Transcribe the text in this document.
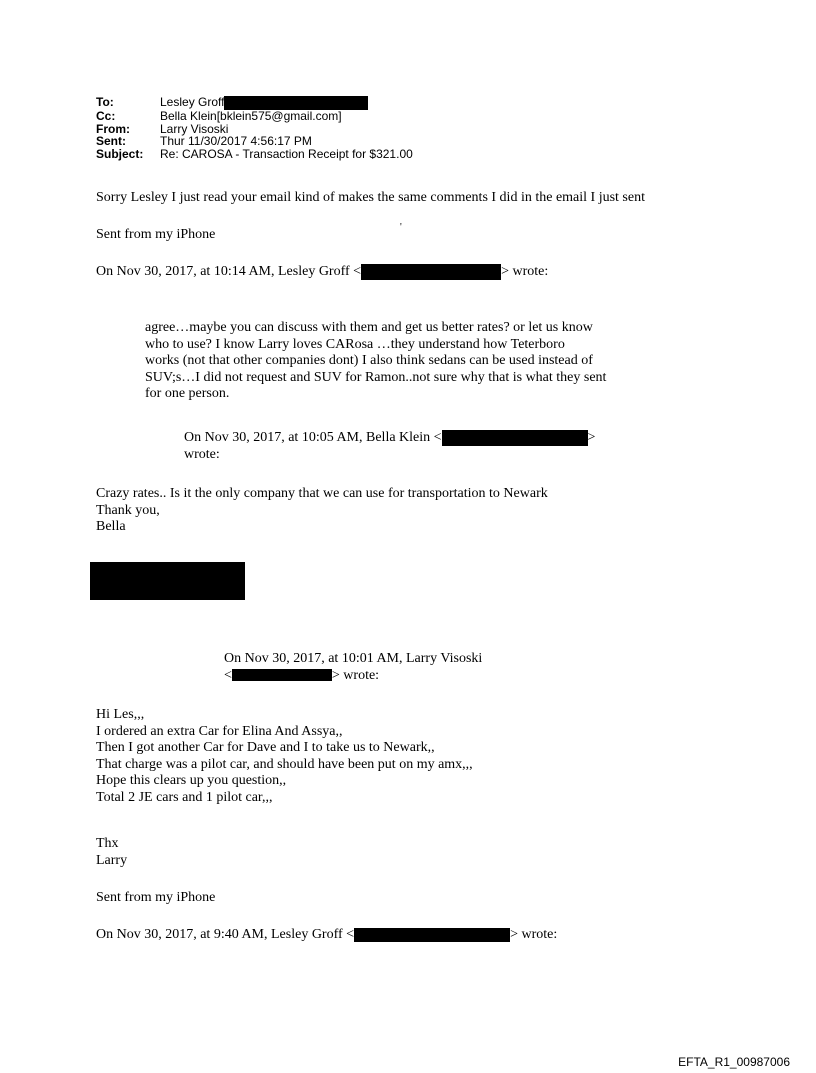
To:	Lesley Groff
Cc:	Bella Klein[bklein575@gmail.com]
From:	Larry Visoski
Sent:	Thur 11/30/2017 4:56:17 PM
Subject:	Re: CAROSA - Transaction Receipt for $321.00
Sorry Lesley I just read your email kind of makes the same comments I did in the email I just sent
Sent from my iPhone	'
On Nov 30, 2017, at 10:14 AM, Lesley Groff <	> wrote:
agree…maybe you can discuss with them and get us better rates? or let us know
who to use? I know Larry loves CARosa …they understand how Teterboro
works (not that other companies dont) I also think sedans can be used instead of
SUV;s…I did not request and SUV for Ramon..not sure why that is what they sent
for one person.
On Nov 30, 2017, at 10:05 AM, Bella Klein <	>
wrote:
Crazy rates.. Is it the only company that we can use for transportation to Newark
Thank you,
Bella
On Nov 30, 2017, at 10:01 AM, Larry Visoski
<	> wrote:
Hi Les,,,
I ordered an extra Car for Elina And Assya,,
Then I got another Car for Dave and I to take us to Newark,,
That charge was a pilot car, and should have been put on my amx,,,
Hope this clears up you question,,
Total 2 JE cars and 1 pilot car,,,
Thx
Larry
Sent from my iPhone
On Nov 30, 2017, at 9:40 AM, Lesley Groff <	> wrote:
EFTA_R1_00987006
